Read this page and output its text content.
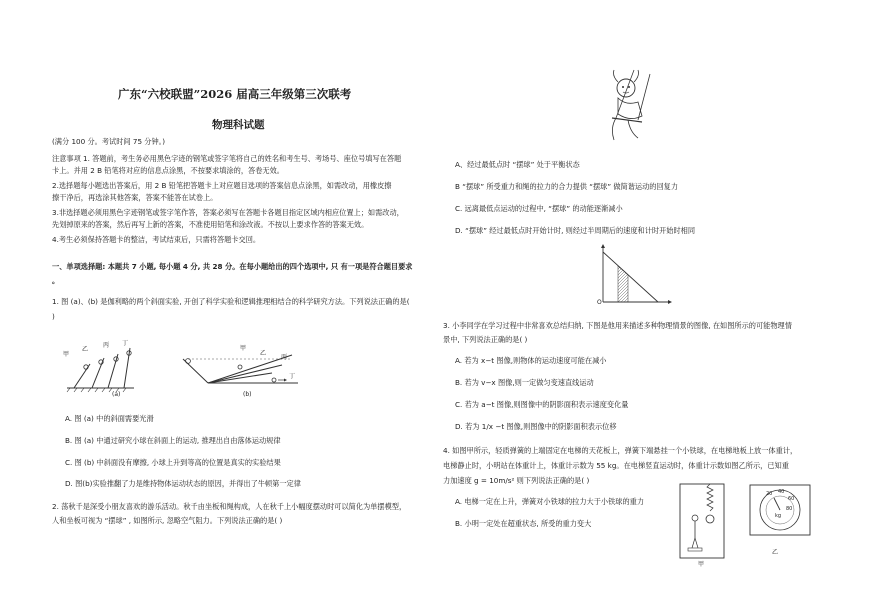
广东“六校联盟”2026 届高三年级第三次联考
物理科试题
(满分 100 分。考试时间 75 分钟。)
注意事项 1. 答题前，考生务必用黑色字迹的钢笔或签字笔将自己的姓名和考生号、考场号、座位号填写在答题
卡上。并用 2 B 铅笔将对应的信息点涂黑，不按要求填涂的，答卷无效。
2.选择题每小题选出答案后，用 2 B 铅笔把答题卡上对应题目选项的答案信息点涂黑，如需改动，用橡皮擦
擦干净后，再选涂其他答案，答案不能答在试卷上。
3.非选择题必须用黑色字迹钢笔或签字笔作答，答案必须写在答题卡各题目指定区域内相应位置上；如需改动，
先划掉原来的答案，然后再写上新的答案，不准使用铅笔和涂改液。不按以上要求作答的答案无效。
4.考生必须保持答题卡的整洁，考试结束后，只需将答题卡交回。
一、单项选择题: 本题共 7 小题, 每小题 4 分, 共 28 分。在每小题给出的四个选项中, 只 有一项是符合题目要求
。
1. 图 (a)、(b) 是伽利略的两个斜面实验, 开创了科学实验和逻辑推理相结合的科学研究方法。下列说法正确的是(
)
甲
乙
丙 丁
(a)
甲
乙
丙
丁
(b)
A. 图 (a) 中的斜面需要光滑
B. 图 (a) 中通过研究小球在斜面上的运动, 推理出自由落体运动规律
C. 图 (b) 中斜面没有摩擦, 小球上升到等高的位置是真实的实验结果
D. 图(b)实验推翻了力是维持物体运动状态的原因，并得出了牛顿第一定律
2. 荡秋千是深受小朋友喜欢的游乐活动。秋千由坐板和绳构成，人在秋千上小幅度摆动时可以简化为单摆模型，
人和坐板可视为 “摆球” , 如图所示, 忽略空气阻力。下列说法正确的是( )
A、经过最低点时 “摆球” 处于平衡状态
B “摆球” 所受重力和绳的拉力的合力提供 “摆球” 做简谐运动的回复力
C. 远离最低点运动的过程中, “摆球” 的动能逐渐减小
D. “摆球” 经过最低点时开始计时, 则经过半周期后的速度和计时开始时相同
O
3. 小李同学在学习过程中非常喜欢总结归纳, 下图是他用来描述多种物理情景的图像, 在如图所示的可能物理情
景中, 下列说法正确的是( )
A. 若为 x−t 图像,则物体的运动速度可能在减小
B. 若为 v−x 图像,则一定做匀变速直线运动
C. 若为 a−t 图像,则图像中的阴影面积表示速度变化量
D. 若为 1/x −t 图像,则图像中的阴影面积表示位移
4. 如图甲所示，轻质弹簧的上端固定在电梯的天花板上，弹簧下端悬挂一个小铁球，在电梯地板上放一体重计，
电梯静止时，小明站在体重计上，体重计示数为 55 kg。在电梯竖直运动时，体重计示数如图乙所示，已知重
力加速度 g = 10m/s² 则下列说法正确的是( )
A. 电梯一定在上升，弹簧对小铁球的拉力大于小铁球的重力
B. 小明一定处在超重状态, 所受的重力变大
甲
20 40
60
80
kg
乙
